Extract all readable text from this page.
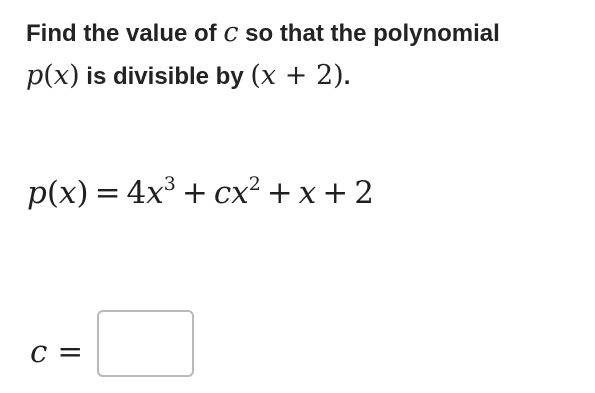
Find the value of c so that the polynomial
p(x) is divisible by (x + 2).
$p(x) = 4x^3 + cx^2 + x + 2$
c =
